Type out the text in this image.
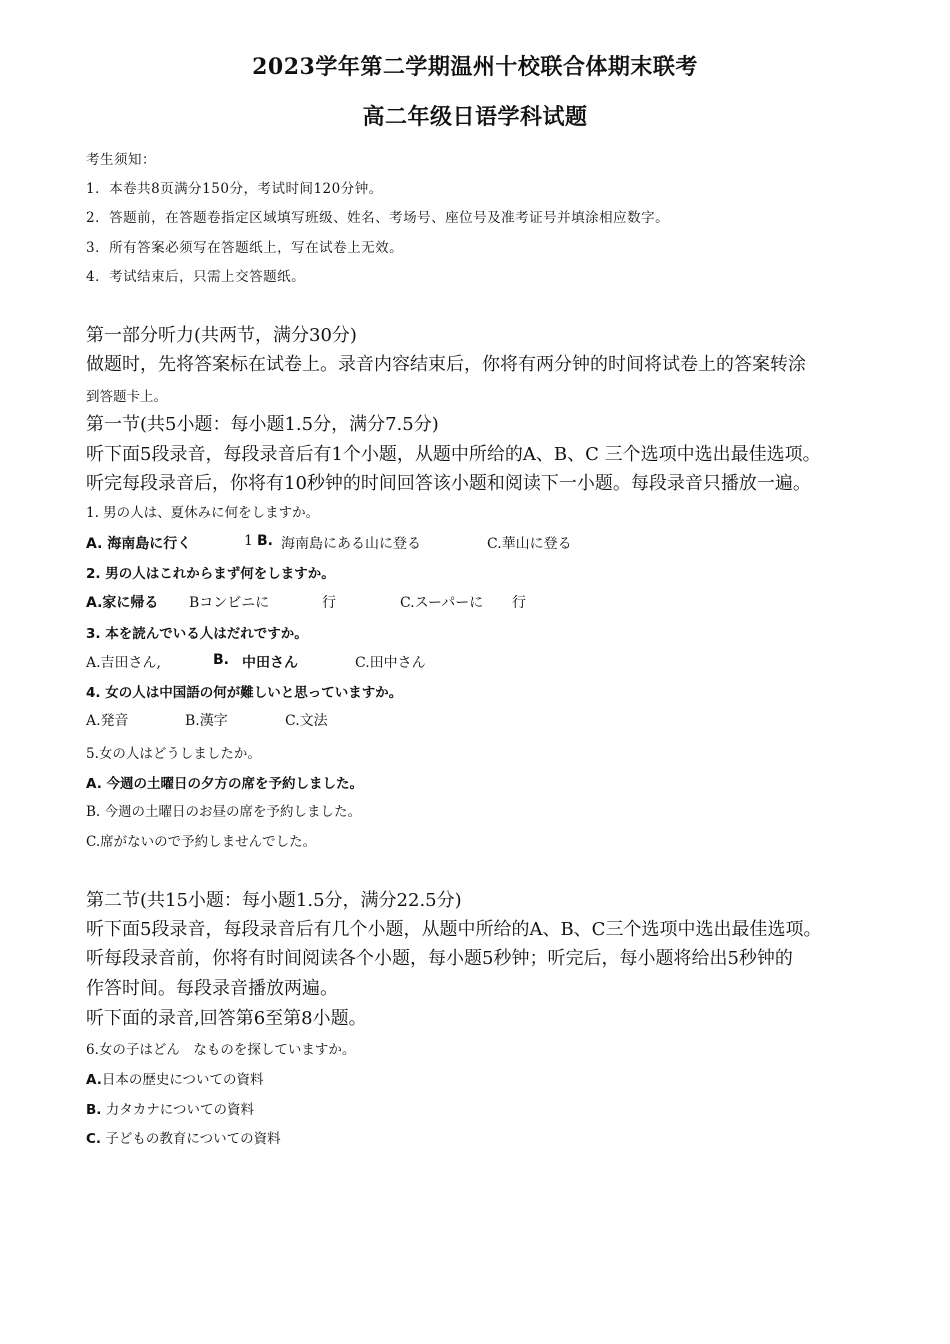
2023学年第二学期温州十校联合体期末联考
高二年级日语学科试题
考生须知：
1．本卷共8页满分150分，考试时间120分钟。
2．答题前，在答题卷指定区域填写班级、姓名、考场号、座位号及准考证号并填涂相应数字。
3．所有答案必须写在答题纸上，写在试卷上无效。
4．考试结束后，只需上交答题纸。
第一部分听力(共两节，满分30分)
做题时，先将答案标在试卷上。录音内容结束后，你将有两分钟的时间将试卷上的答案转涂
到答题卡上。
第一节(共5小题：每小题1.5分，满分7.5分)
听下面5段录音，每段录音后有1个小题，从题中所给的A、B、C 三个选项中选出最佳选项。
听完每段录音后，你将有10秒钟的时间回答该小题和阅读下一小题。每段录音只播放一遍。
1. 男の人は、夏休みに何をしますか。
A. 海南島に行く	1 B. 海南島にある山に登る	C.華山に登る
2. 男の人はこれからまず何をしますか。
A.家に帰る Bコンビニに	行	C.スーパーに 行
3. 本を読んでいる人はだれですか。
A.吉田さん,	B. 中田さん	C.田中さん
4. 女の人は中国語の何が難しいと思っていますか。
A.発音	B.漢字	C.文法
5.女の人はどうしましたか。
A. 今週の土曜日の夕方の席を予約しました。
B. 今週の土曜日のお昼の席を予約しました。
C.席がないので予約しませんでした。
第二节(共15小题：每小题1.5分，满分22.5分)
听下面5段录音，每段录音后有几个小题，从题中所给的A、B、C三个选项中选出最佳选项。
听每段录音前，你将有时间阅读各个小题，每小题5秒钟；听完后，每小题将给出5秒钟的
作答时间。每段录音播放两遍。
听下面的录音,回答第6至第8小题。
6.女の子はどん　なものを探していますか。
A.日本の歴史についての資料
B. 力タカナについての資料
C. 子どもの教育についての資料
